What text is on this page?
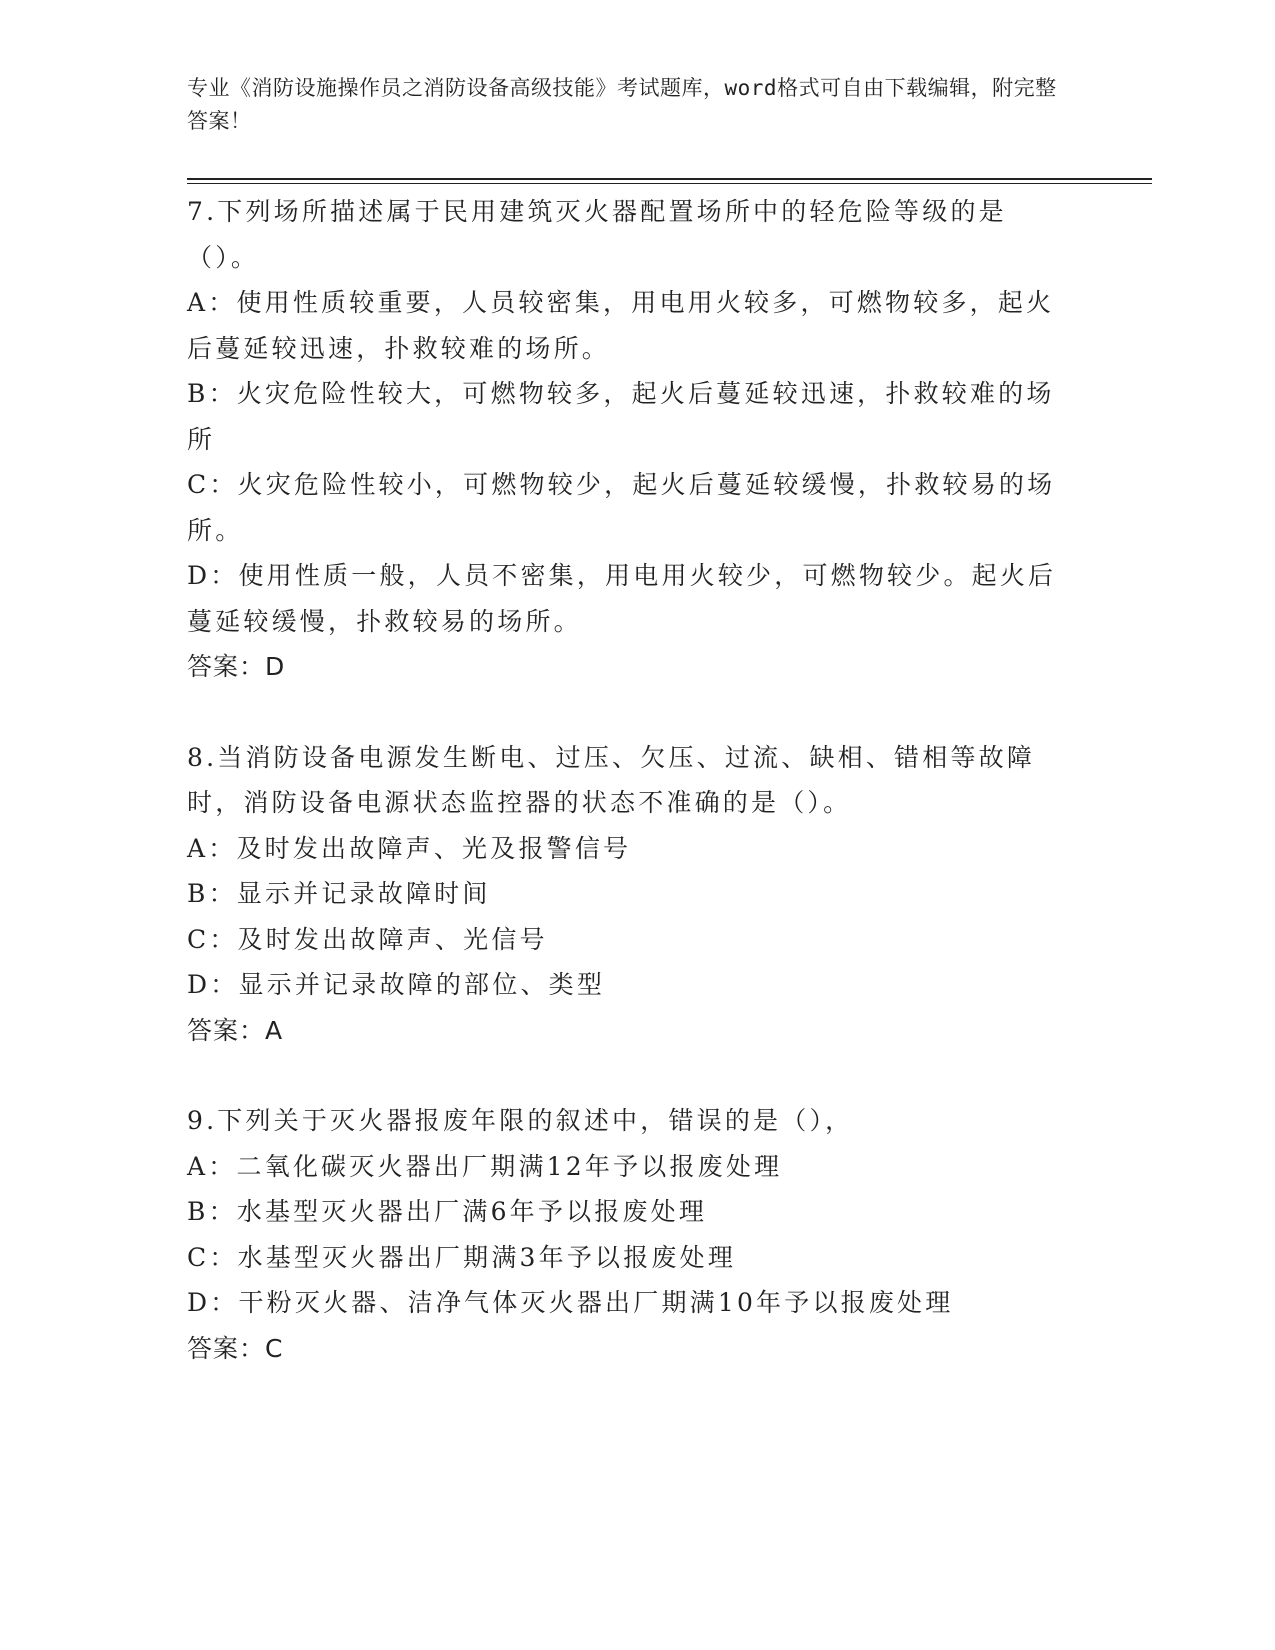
专业《消防设施操作员之消防设备高级技能》考试题库，word格式可自由下载编辑，附完整答案！

7.下列场所描述属于民用建筑灭火器配置场所中的轻危险等级的是（）。

A：使用性质较重要，人员较密集，用电用火较多，可燃物较多，起火后蔓延较迅速，扑救较难的场所。

B：火灾危险性较大，可燃物较多，起火后蔓延较迅速，扑救较难的场所

C：火灾危险性较小，可燃物较少，起火后蔓延较缓慢，扑救较易的场所。

D：使用性质一般，人员不密集，用电用火较少，可燃物较少。起火后蔓延较缓慢，扑救较易的场所。

答案：D

8.当消防设备电源发生断电、过压、欠压、过流、缺相、错相等故障时，消防设备电源状态监控器的状态不准确的是（）。

A：及时发出故障声、光及报警信号

B：显示并记录故障时间

C：及时发出故障声、光信号

D：显示并记录故障的部位、类型

答案：A

9.下列关于灭火器报废年限的叙述中，错误的是（），

A：二氧化碳灭火器出厂期满12年予以报废处理

B：水基型灭火器出厂满6年予以报废处理

C：水基型灭火器出厂期满3年予以报废处理

D：干粉灭火器、洁净气体灭火器出厂期满10年予以报废处理

答案：C
